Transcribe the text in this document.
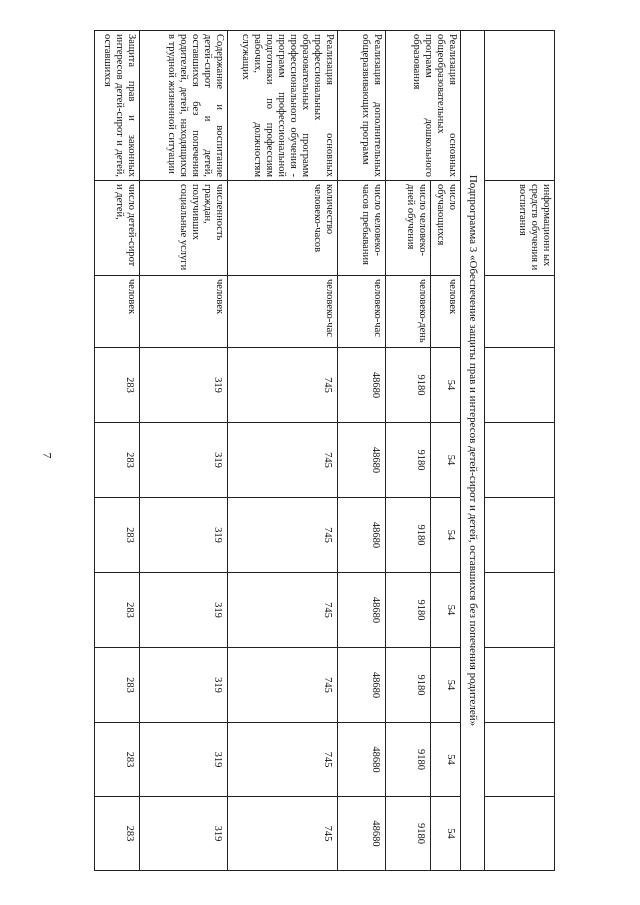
7
	информационн ых средств обучения и воспитания								
Подпрограмма 3 «Обеспечение защиты прав и интересов детей-сирот и детей, оставшихся без попечения родителей»									
Реализация основных общеобразовательных программ дошкольного образования	число обучающихся	человек	54	54	54	54	54	54	54
	число человеко-дней обучения	человеко-день	9180	9180	9180	9180	9180	9180	9180
Реализация дополнительных общеразвивающих программ	число человеко-часов пребывания	человеко-час	48680	48680	48680	48680	48680	48680	48680
Реализация основных профессиональных образовательных программ профессионального обучения - программ профессиональной подготовки по профессиям рабочих, должностям служащих	количество человеко-часов	человеко-час	745	745	745	745	745	745	745
Содержание и воспитание детей-сирот и детей, оставшихся без попечения родителей, детей, находящихся в трудной жизненной ситуации	численность граждан, получивших социальные услуги	человек	319	319	319	319	319	319	319
Защита прав и законных интересов детей-сирот и детей, оставшихся	число детей-сирот и детей,	человек	283	283	283	283	283	283	283
